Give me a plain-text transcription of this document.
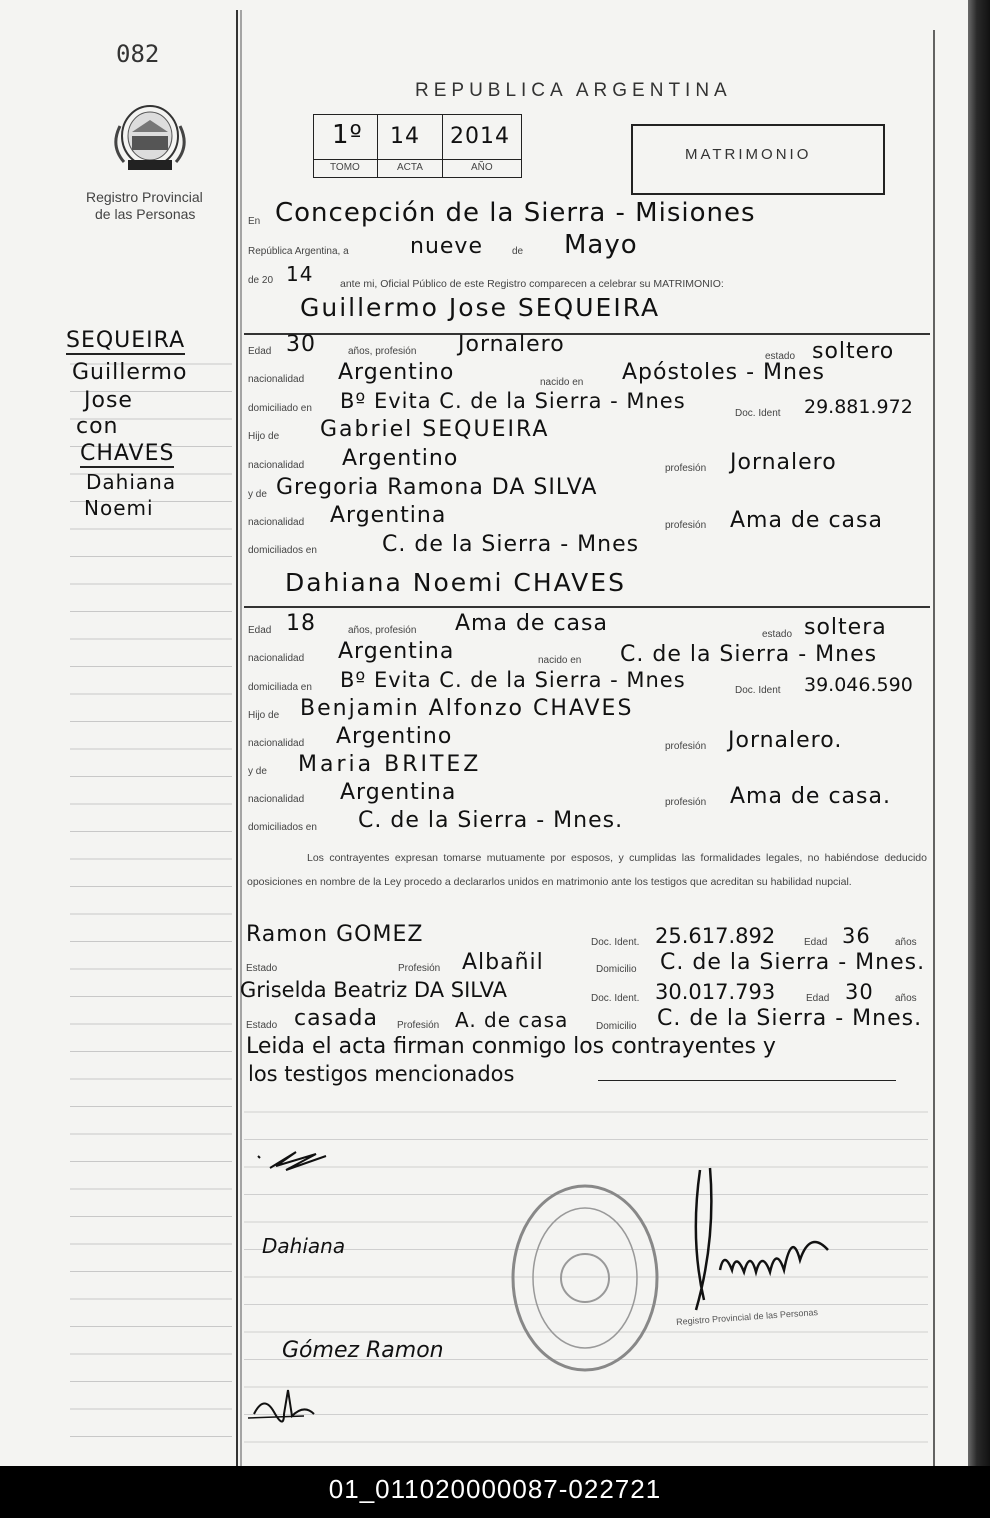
082
Registro Provincial
de las Personas
SEQUEIRA
Guillermo
Jose
con
CHAVES
Dahiana
Noemi
REPUBLICA ARGENTINA
1º 14 2014
TOMO	ACTA	AÑO
MATRIMONIO
En Concepción de la Sierra - Misiones
República Argentina, a	nueve	de Mayo
de 20 14	ante mi, Oficial Público de este Registro comparecen a celebrar su MATRIMONIO:
Guillermo Jose SEQUEIRA
Edad 30	años, profesión Jornalero	estado soltero
nacionalidad Argentino	nacido en Apóstoles - Mnes
domiciliado en Bº Evita C. de la Sierra - Mnes
Doc. Ident 29.881.972
Hijo de Gabriel SEQUEIRA
nacionalidad Argentino	profesión Jornalero
y de Gregoria Ramona DA SILVA
nacionalidad Argentina	profesión Ama de casa
domiciliados en	C. de la Sierra - Mnes
Dahiana Noemi CHAVES
Edad 18	años, profesión Ama de casa	estado soltera
nacionalidad Argentina	nacido en C. de la Sierra - Mnes
domiciliada en Bº Evita C. de la Sierra - Mnes	Doc. Ident 39.046.590
Hijo de Benjamin Alfonzo CHAVES
nacionalidad Argentino	profesión Jornalero.
y de Maria BRITEZ
nacionalidad Argentina	profesión Ama de casa.
domiciliados en C. de la Sierra - Mnes.
Los contrayentes expresan tomarse mutuamente por esposos, y cumplidas las formalidades legales, no habiéndose deducido oposiciones en nombre de la Ley procedo a declararlos unidos en matrimonio ante los testigos que acreditan su habilidad nupcial.
Ramon GOMEZ	Doc. Ident. 25.617.892	Edad 36 años
Estado	Profesión Albañil	Domicilio C. de la Sierra - Mnes.
Griselda Beatriz DA SILVA	Doc. Ident. 30.017.793	Edad 30 años
Estado casada Profesión A. de casa	Domicilio C. de la Sierra - Mnes.
Leida el acta firman conmigo los contrayentes y
los testigos mencionados
Dahiana
Gómez Ramon
Registro Provincial de las Personas
01_011020000087-022721
